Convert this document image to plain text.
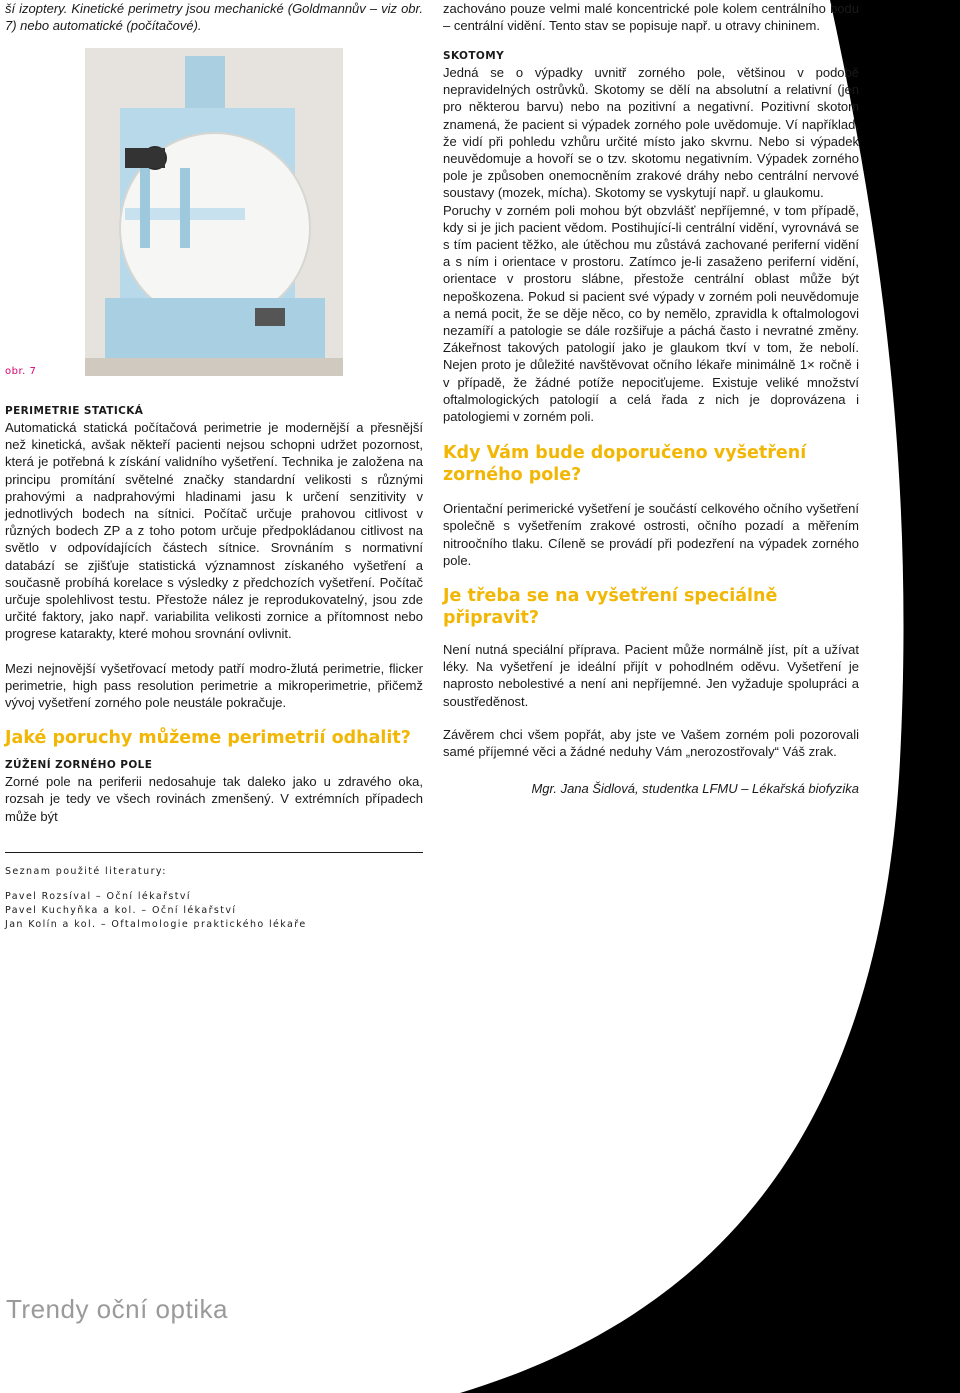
ší izoptery. Kinetické perimetry jsou mechanické (Goldmannův – viz obr. 7) nebo automatické (počítačové).

zachováno pouze velmi malé koncentrické pole kolem centrálního bodu – centrální vidění. Tento stav se popisuje např. u otravy chininem.

obr. 7
PERIMETRIE STATICKÁ

Automatická statická počítačová perimetrie je modernější a přesnější než kinetická, avšak někteří pacienti nejsou schopni udržet pozornost, která je potřebná k získání validního vyšetření. Technika je založena na principu promítání světelné značky standardní velikosti s různými prahovými a nadprahovými hladinami jasu k určení senzitivity v jednotlivých bodech na sítnici. Počítač určuje prahovou citlivost v různých bodech ZP a z toho potom určuje předpokládanou citlivost na světlo v odpovídajících částech sítnice. Srovnáním s normativní databází se zjišťuje statistická významnost získaného vyšetření a současně probíhá korelace s výsledky z předchozích vyšetření. Počítač určuje spolehlivost testu. Přestože nález je reprodukovatelný, jsou zde určité faktory, jako např. variabilita velikosti zornice a přítomnost nebo progrese katarakty, které mohou srovnání ovlivnit.

Mezi nejnovější vyšetřovací metody patří modro-žlutá perimetrie, flicker perimetrie, high pass resolution perimetrie a mikroperimetrie, přičemž vývoj vyšetření zorného pole neustále pokračuje.

Jaké poruchy můžeme perimetrií odhalit?
ZÚŽENÍ ZORNÉHO POLE

Zorné pole na periferii nedosahuje tak daleko jako u zdravého oka, rozsah je tedy ve všech rovinách zmenšený. V extrémních případech může být

SKOTOMY

Jedná se o výpadky uvnitř zorného pole, většinou v podobě nepravidelných ostrůvků. Skotomy se dělí na absolutní a relativní (jen pro některou barvu) nebo na pozitivní a negativní. Pozitivní skotom znamená, že pacient si výpadek zorného pole uvědomuje. Ví například, že vidí při pohledu vzhůru určité místo jako skvrnu. Nebo si výpadek neuvědomuje a hovoří se o tzv. skotomu negativním. Výpadek zorného pole je způsoben onemocněním zrakové dráhy nebo centrální nervové soustavy (mozek, mícha). Skotomy se vyskytují např. u glaukomu.

Poruchy v zorném poli mohou být obzvlášť nepříjemné, v tom případě, kdy si je jich pacient vědom. Postihující-li centrální vidění, vyrovnává se s tím pacient těžko, ale útěchou mu zůstává zachované periferní vidění a s ním i orientace v prostoru. Zatímco je-li zasaženo periferní vidění, orientace v prostoru slábne, přestože centrální oblast může být nepoškozena. Pokud si pacient své výpady v zorném poli neuvědomuje a nemá pocit, že se děje něco, co by nemělo, zpravidla k oftalmologovi nezamíří a patologie se dále rozšiřuje a páchá často i nevratné změny. Zákeřnost takových patologií jako je glaukom tkví v tom, že nebolí. Nejen proto je důležité navštěvovat očního lékaře minimálně 1× ročně i v případě, že žádné potíže nepociťujeme. Existuje veliké množství oftalmologických patologií a celá řada z nich je doprovázena i patologiemi v zorném poli.

Kdy Vám bude doporučeno vyšetření zorného pole?

Orientační perimerické vyšetření je součástí celkového očního vyšetření společně s vyšetřením zrakové ostrosti, očního pozadí a měřením nitroočního tlaku. Cíleně se provádí při podezření na výpadek zorného pole.

Je třeba se na vyšetření speciálně připravit?

Není nutná speciální příprava. Pacient může normálně jíst, pít a užívat léky. Na vyšetření je ideální přijít v pohodlném oděvu. Vyšetření je naprosto nebolestivé a není ani nepříjemné. Jen vyžaduje spolupráci a soustředěnost.

Závěrem chci všem popřát, aby jste ve Vašem zorném poli pozorovali samé příjemné věci a žádné neduhy Vám „nerozostřovaly“ Váš zrak.

Mgr. Jana Šidlová, studentka LFMU – Lékařská biofyzika

Seznam použité literatury:
Pavel Rozsíval – Oční lékařství
Pavel Kuchyňka a kol. – Oční lékařství
Jan Kolín a kol. – Oftalmologie praktického lékaře
Trendy oční optika
